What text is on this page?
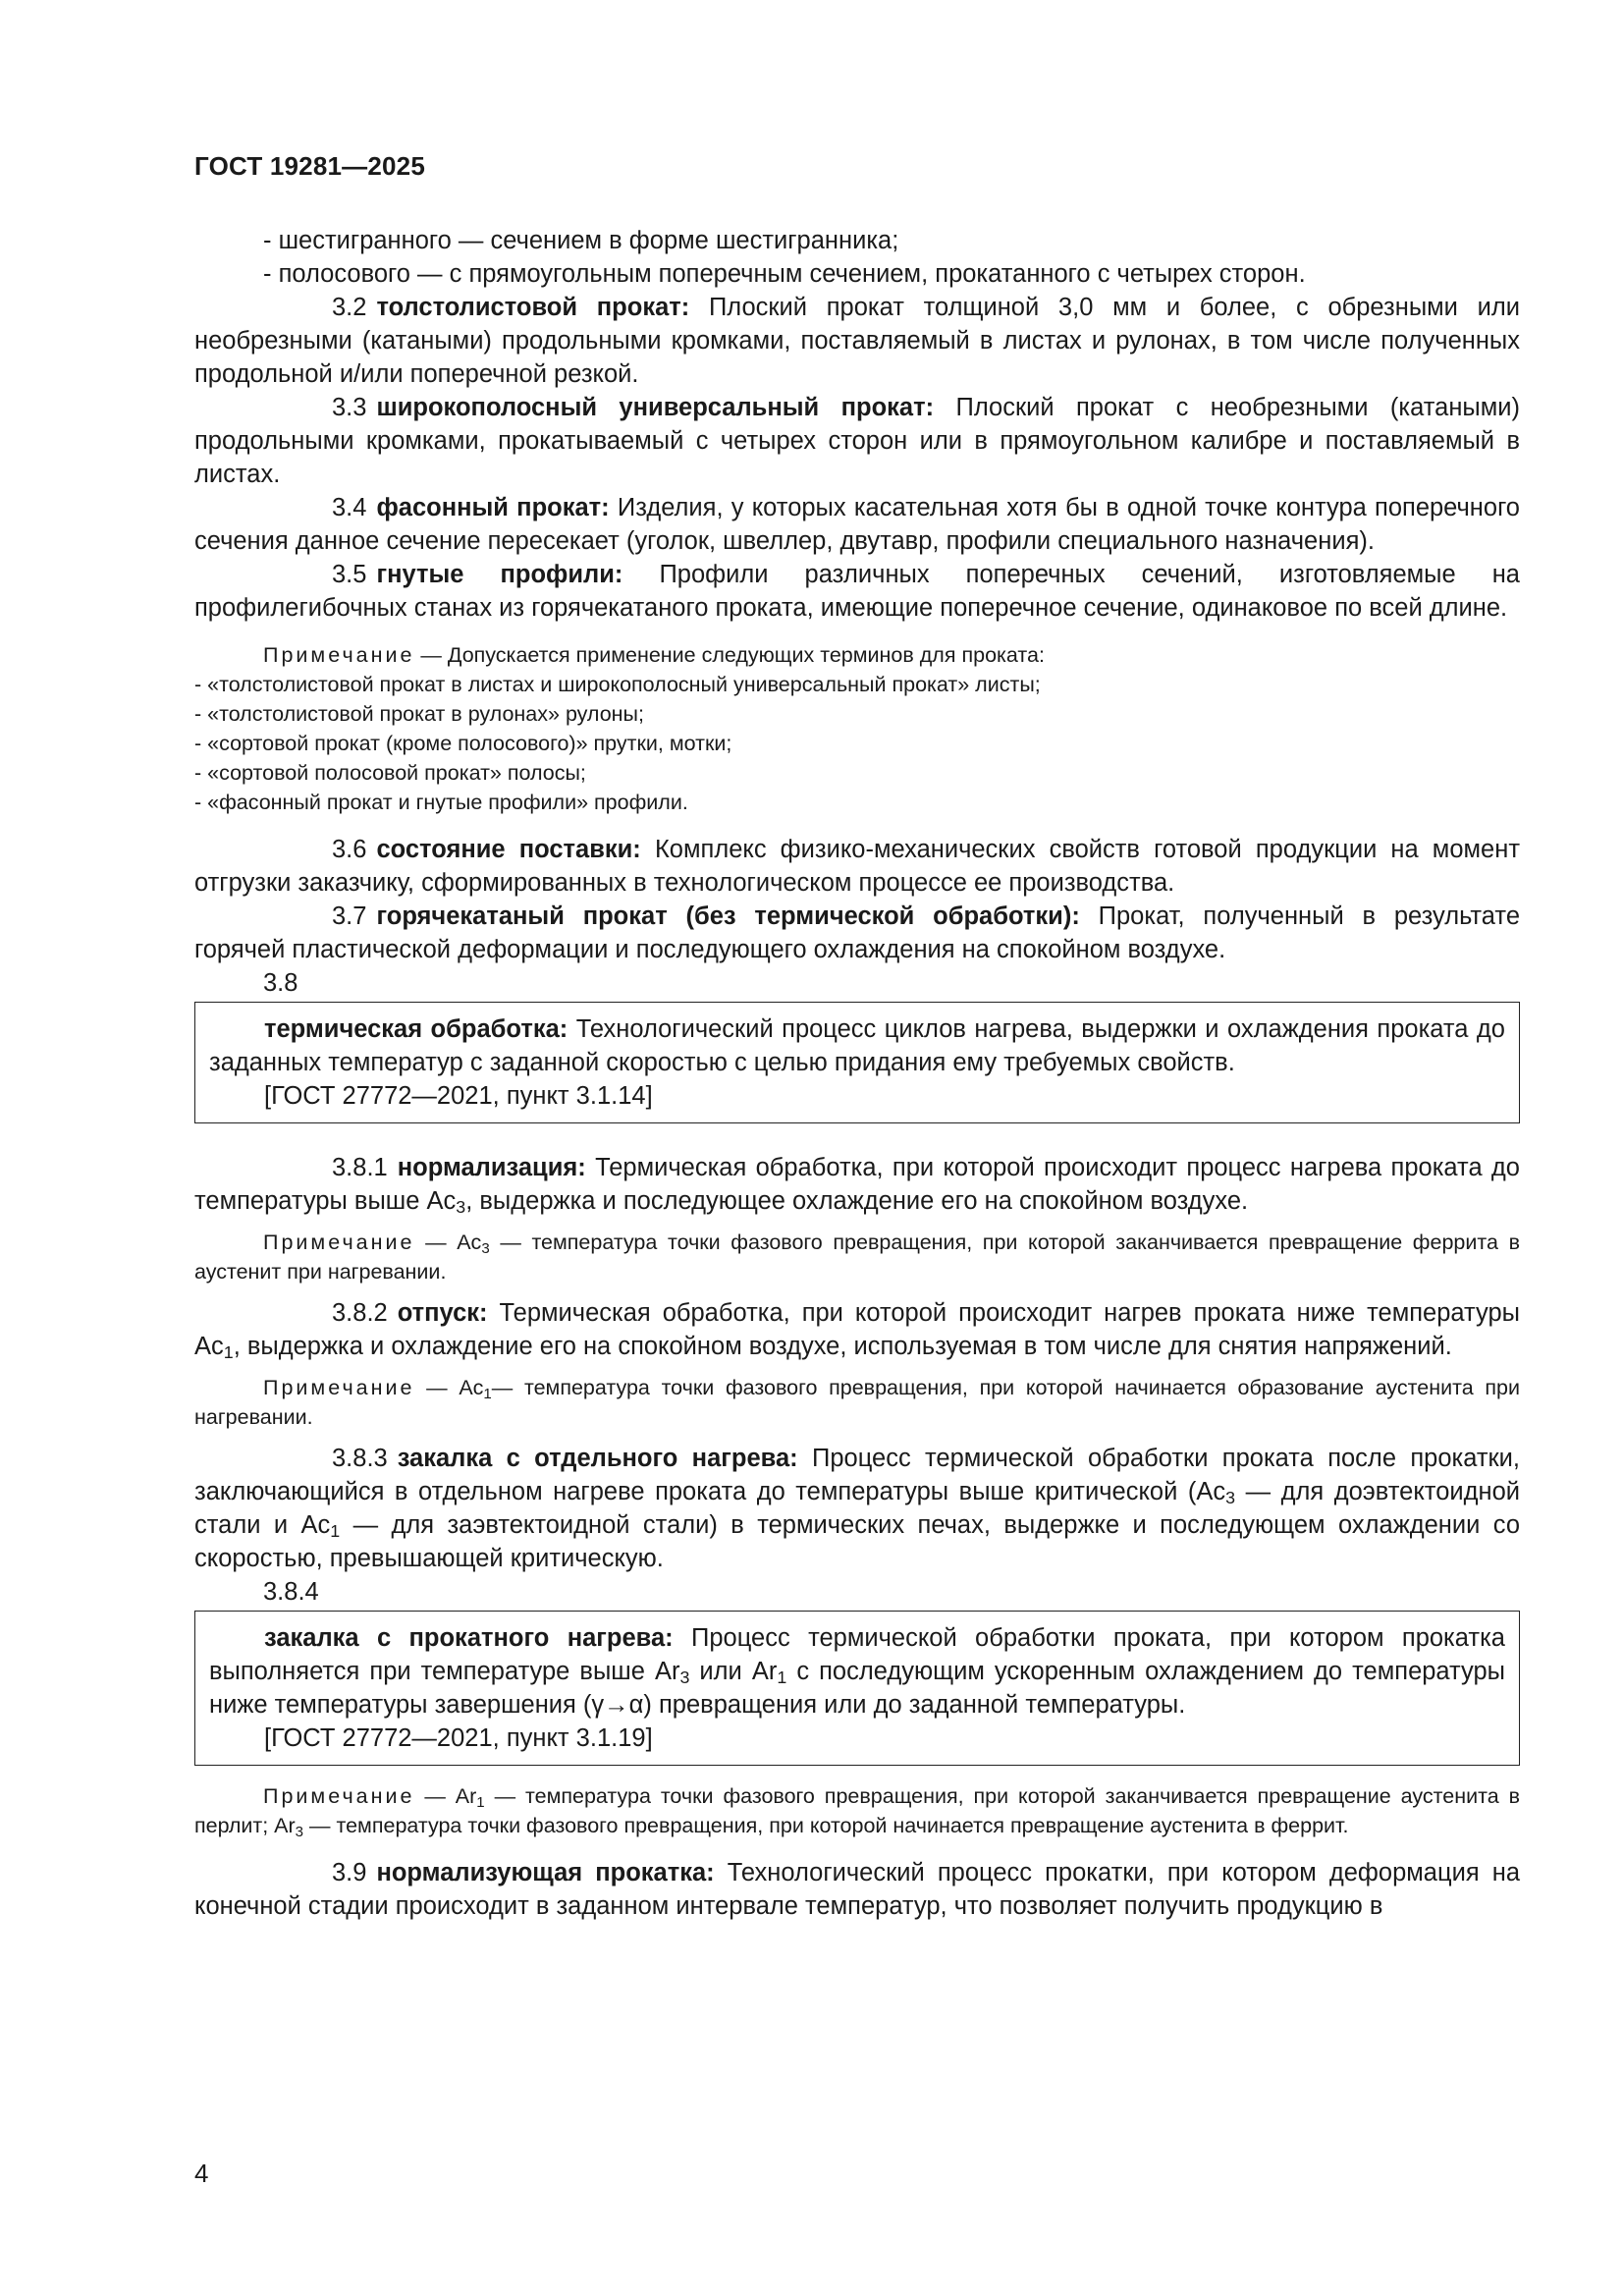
ГОСТ 19281—2025

- шестигранного — сечением в форме шестигранника;

- полосового — с прямоугольным поперечным сечением, прокатанного с четырех сторон.

3.2 толстолистовой прокат: Плоский прокат толщиной 3,0 мм и более, с обрезными или необрезными (катаными) продольными кромками, поставляемый в листах и рулонах, в том числе полученных продольной и/или поперечной резкой.

3.3 широкополосный универсальный прокат: Плоский прокат с необрезными (катаными) продольными кромками, прокатываемый с четырех сторон или в прямоугольном калибре и поставляемый в листах.

3.4 фасонный прокат: Изделия, у которых касательная хотя бы в одной точке контура поперечного сечения данное сечение пересекает (уголок, швеллер, двутавр, профили специального назначения).

3.5 гнутые профили: Профили различных поперечных сечений, изготовляемые на профилегибочных станах из горячекатаного проката, имеющие поперечное сечение, одинаковое по всей длине.

Примечание — Допускается применение следующих терминов для проката:

- «толстолистовой прокат в листах и широкополосный универсальный прокат» листы;

- «толстолистовой прокат в рулонах» рулоны;

- «сортовой прокат (кроме полосового)» прутки, мотки;

- «сортовой полосовой прокат» полосы;

- «фасонный прокат и гнутые профили» профили.

3.6 состояние поставки: Комплекс физико-механических свойств готовой продукции на момент отгрузки заказчику, сформированных в технологическом процессе ее производства.

3.7 горячекатаный прокат (без термической обработки): Прокат, полученный в результате горячей пластической деформации и последующего охлаждения на спокойном воздухе.

3.8

термическая обработка: Технологический процесс циклов нагрева, выдержки и охлаждения проката до заданных температур с заданной скоростью с целью придания ему требуемых свойств.

[ГОСТ 27772—2021, пункт 3.1.14]

3.8.1 нормализация: Термическая обработка, при которой происходит процесс нагрева проката до температуры выше $Ас_3$, выдержка и последующее охлаждение его на спокойном воздухе.

Примечание — $Ас_3$ — температура точки фазового превращения, при которой заканчивается превращение феррита в аустенит при нагревании.

3.8.2 отпуск: Термическая обработка, при которой происходит нагрев проката ниже температуры $Ас_1$, выдержка и охлаждение его на спокойном воздухе, используемая в том числе для снятия напряжений.

Примечание — $Ас_1—$ температура точки фазового превращения, при которой начинается образование аустенита при нагревании.

3.8.3 закалка с отдельного нагрева: Процесс термической обработки проката после прокатки, заключающийся в отдельном нагреве проката до температуры выше критической ($Ас_3$ — для доэвтектоидной стали и $Ас_1$ — для заэвтектоидной стали) в термических печах, выдержке и последующем охлаждении со скоростью, превышающей критическую.

3.8.4

закалка с прокатного нагрева: Процесс термической обработки проката, при котором прокатка выполняется при температуре выше $Ar_3$ или $Ar_1$ с последующим ускоренным охлаждением до температуры ниже температуры завершения (γ→α) превращения или до заданной температуры.

[ГОСТ 27772—2021, пункт 3.1.19]

Примечание — $Ar_1$ — температура точки фазового превращения, при которой заканчивается превращение аустенита в перлит; $Ar_3$ — температура точки фазового превращения, при которой начинается превращение аустенита в феррит.

3.9 нормализующая прокатка: Технологический процесс прокатки, при котором деформация на конечной стадии происходит в заданном интервале температур, что позволяет получить продукцию в

4
